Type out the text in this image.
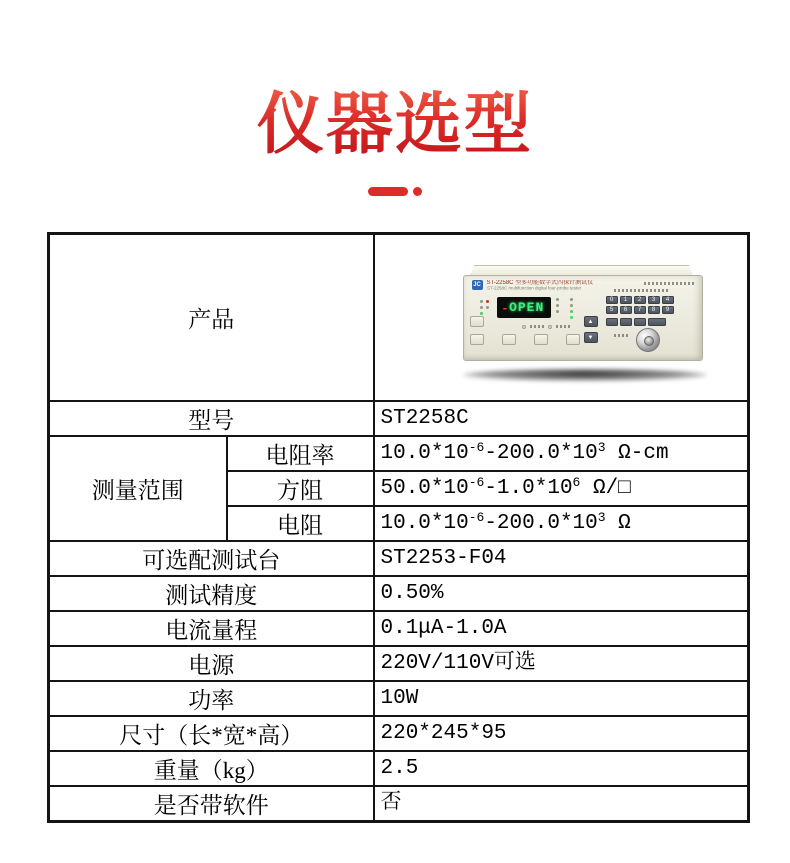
仪器选型
产品	
JC ST-2258C 型多功能数字式四探针测试仪
ST-2258C multifunction digital four-probe tester
- OPEN	0	1	2	3	4
5	6	7	8	9
▲
▼

型号		ST2258C
测量范围	电阻率	$10.0*10^{-6}-200.0*10^3$ Ω-cm
	方阻	$50.0*10^{-6}-1.0*10^6$ Ω/□
	电阻	$10.0*10^{-6}-200.0*10^3$ Ω
可选配测试台		ST2253-F04
测试精度		0.50%
电流量程		0.1μA-1.0A
电源		220V/110V可选
功率		10W
尺寸（长*宽*高）		220*245*95
重量（kg）		2.5
是否带软件		否
